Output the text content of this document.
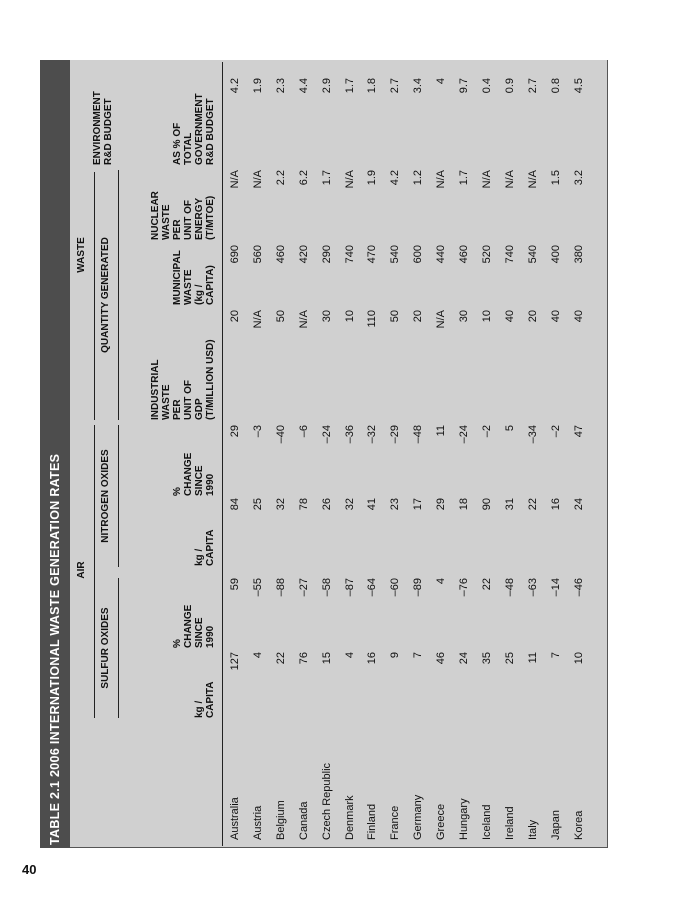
40
TABLE 2.1 2006 INTERNATIONAL WASTE GENERATION RATES	AIR
WASTE
SULFUR OXIDES
NITROGEN OXIDES
QUANTITY GENERATED
ENVIRONMENT R&D BUDGET
kg / CAPITA
% CHANGE SINCE 1990
kg / CAPITA
% CHANGE SINCE 1990
INDUSTRIAL WASTE PER UNIT OF GDP (T/MILLION USD)
MUNICIPAL WASTE (kg / CAPITA)
NUCLEAR WASTE PER UNIT OF ENERGY (T/MTOE)
AS % OF TOTAL GOVERNMENT R&D BUDGET
Australia
127
59
84
29
20
690
N/A
4.2
Austria
4
–55
25
–3
N/A
560
N/A
1.9
Belgium
22
–88
32
–40
50
460
2.2
2.3
Canada
76
–27
78
–6
N/A
420
6.2
4.4
Czech Republic
15
–58
26
–24
30
290
1.7
2.9
Denmark
4
–87
32
–36
10
740
N/A
1.7
Finland
16
–64
41
–32
110
470
1.9
1.8
France
9
–60
23
–29
50
540
4.2
2.7
Germany
7
–89
17
–48
20
600
1.2
3.4
Greece
46
4
29
11
N/A
440
N/A
4
Hungary
24
–76
18
–24
30
460
1.7
9.7
Iceland
35
22
90
–2
10
520
N/A
0.4
Ireland
25
–48
31
5
40
740
N/A
0.9
Italy
11
–63
22
–34
20
540
N/A
2.7
Japan
7
–14
16
–2
40
400
1.5
0.8
Korea
10
–46
24
47
40
380
3.2
4.5
